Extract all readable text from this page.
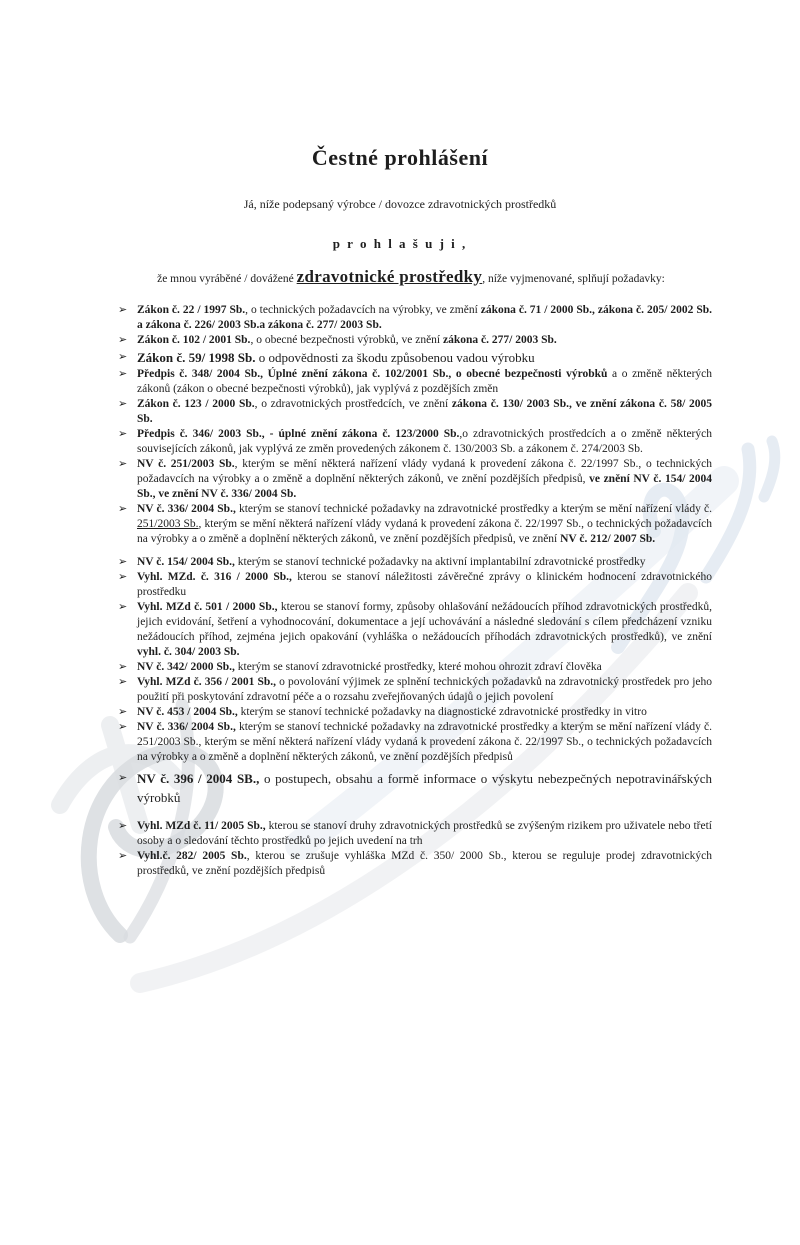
Čestné prohlášení

Já, níže podepsaný výrobce / dovozce zdravotnických prostředků

p r o h l a š u j i ,

že mnou vyráběné / dovážené zdravotnické prostředky, níže vyjmenované, splňují požadavky:

➢ Zákon č. 22 / 1997 Sb., o technických požadavcích na výrobky, ve změní zákona č. 71 / 2000 Sb., zákona č. 205/ 2002 Sb. a zákona č. 226/ 2003 Sb.a zákona č. 277/ 2003 Sb.
➢ Zákon č. 102 / 2001 Sb., o obecné bezpečnosti výrobků, ve znění zákona č. 277/ 2003 Sb.
➢ Zákon č. 59/ 1998 Sb. o odpovědnosti za škodu způsobenou vadou výrobku
➢ Předpis č. 348/ 2004 Sb., Úplné znění zákona č. 102/2001 Sb., o obecné bezpečnosti výrobků a o změně některých zákonů (zákon o obecné bezpečnosti výrobků), jak vyplývá z pozdějších změn
➢ Zákon č. 123 / 2000 Sb., o zdravotnických prostředcích, ve znění zákona č. 130/ 2003 Sb., ve znění zákona č. 58/ 2005 Sb.
➢ Předpis č. 346/ 2003 Sb., - úplné znění zákona č. 123/2000 Sb.,o zdravotnických prostředcích a o změně některých souvisejících zákonů, jak vyplývá ze změn provedených zákonem č. 130/2003 Sb. a zákonem č. 274/2003 Sb.
➢ NV č. 251/2003 Sb., kterým se mění některá nařízení vlády vydaná k provedení zákona č. 22/1997 Sb., o technických požadavcích na výrobky a o změně a doplnění některých zákonů, ve znění pozdějších předpisů, ve znění NV č. 154/ 2004 Sb., ve znění NV č. 336/ 2004 Sb.
➢ NV č. 336/ 2004 Sb., kterým se stanoví technické požadavky na zdravotnické prostředky a kterým se mění nařízení vlády č. 251/2003 Sb., kterým se mění některá nařízení vlády vydaná k provedení zákona č. 22/1997 Sb., o technických požadavcích na výrobky a o změně a doplnění některých zákonů, ve znění pozdějších předpisů, ve znění NV č. 212/ 2007 Sb.
➢ NV č. 154/ 2004 Sb., kterým se stanoví technické požadavky na aktivní implantabilní zdravotnické prostředky
➢ Vyhl. MZd. č. 316 / 2000 Sb., kterou se stanoví náležitosti závěrečné zprávy o klinickém hodnocení zdravotnického prostředku
➢ Vyhl. MZd č. 501 / 2000 Sb., kterou se stanoví formy, způsoby ohlašování nežádoucích příhod zdravotnických prostředků, jejich evidování, šetření a vyhodnocování, dokumentace a její uchovávání a následné sledování s cílem předcházení vzniku nežádoucích příhod, zejména jejich opakování (vyhláška o nežádoucích příhodách zdravotnických prostředků), ve znění vyhl. č. 304/ 2003 Sb.
➢ NV č. 342/ 2000 Sb., kterým se stanoví zdravotnické prostředky, které mohou ohrozit zdraví člověka
➢ Vyhl. MZd č. 356 / 2001 Sb., o povolování výjimek ze splnění technických požadavků na zdravotnický prostředek pro jeho použití při poskytování zdravotní péče a o rozsahu zveřejňovaných údajů o jejich povolení
➢ NV č. 453 / 2004 Sb., kterým se stanoví technické požadavky na diagnostické zdravotnické prostředky in vitro
➢ NV č. 336/ 2004 Sb., kterým se stanoví technické požadavky na zdravotnické prostředky a kterým se mění nařízení vlády č. 251/2003 Sb., kterým se mění některá nařízení vlády vydaná k provedení zákona č. 22/1997 Sb., o technických požadavcích na výrobky a o změně a doplnění některých zákonů, ve znění pozdějších předpisů
➢ NV č. 396 / 2004 SB., o postupech, obsahu a formě informace o výskytu nebezpečných nepotravinářských výrobků
➢ Vyhl. MZd č. 11/ 2005 Sb., kterou se stanoví druhy zdravotnických prostředků se zvýšeným rizikem pro uživatele nebo třetí osoby a o sledování těchto prostředků po jejich uvedení na trh
➢ Vyhl.č. 282/ 2005 Sb., kterou se zrušuje vyhláška MZd č. 350/ 2000 Sb., kterou se reguluje prodej zdravotnických prostředků, ve znění pozdějších předpisů
